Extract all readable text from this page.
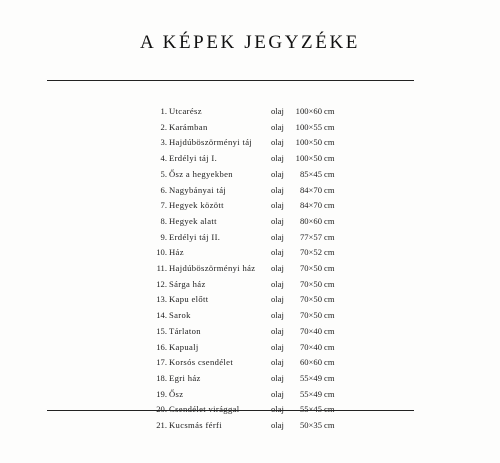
A KÉPEK JEGYZÉKE
1. Utcarész	olaj 100×60 cm
2. Karámban	olaj 100×55 cm
3. Hajdúböszörményi táj	olaj 100×50 cm
4. Erdélyi táj I.	olaj 100×50 cm
5. Ősz a hegyekben	olaj 85×45 cm
6. Nagybányai táj	olaj 84×70 cm
7. Hegyek között	olaj 84×70 cm
8. Hegyek alatt	olaj 80×60 cm
9. Erdélyi táj II.	olaj 77×57 cm
10. Ház	olaj 70×52 cm
11. Hajdúböszörményi ház	olaj 70×50 cm
12. Sárga ház	olaj 70×50 cm
13. Kapu előtt	olaj 70×50 cm
14. Sarok	olaj 70×50 cm
15. Tárlaton	olaj 70×40 cm
16. Kapualj	olaj 70×40 cm
17. Korsós csendélet	olaj 60×60 cm
18. Egri ház	olaj 55×49 cm
19. Ősz	olaj 55×49 cm
20. Csendélet virággal	olaj 55×45 cm
21. Kucsmás férfi	olaj 50×35 cm
